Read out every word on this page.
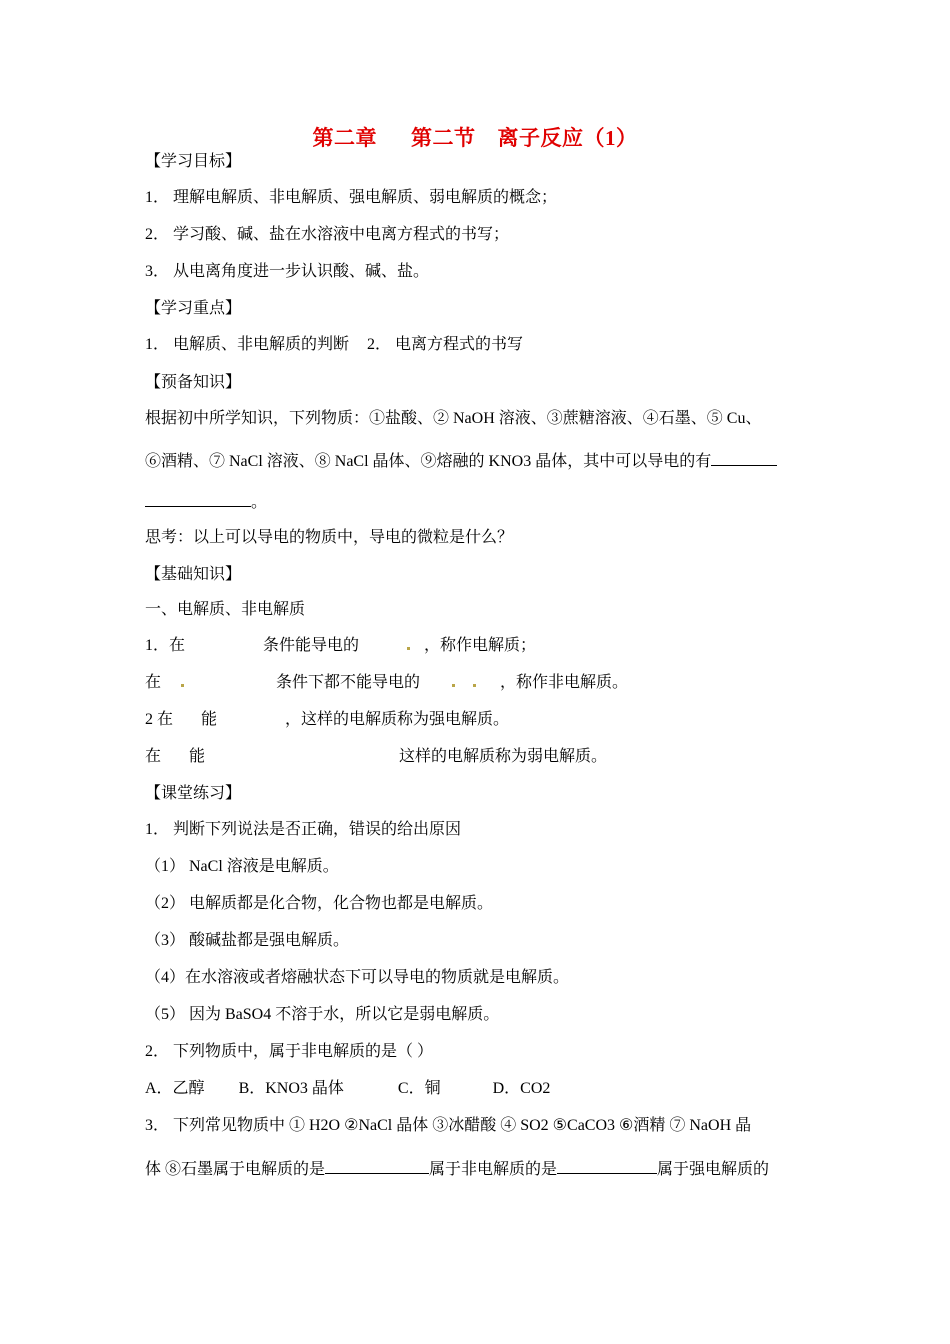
第二章 第二节 离子反应（1）
【学习目标】
1． 理解电解质、非电解质、强电解质、弱电解质的概念；
2． 学习酸、碱、盐在水溶液中电离方程式的书写；
3． 从电离角度进一步认识酸、碱、盐。
【学习重点】
1． 电解质、非电解质的判断 2． 电离方程式的书写
【预备知识】
根据初中所学知识，下列物质：①盐酸、② NaOH 溶液、③蔗糖溶液、④石墨、⑤ Cu、
⑥酒精、⑦ NaCl 溶液、⑧ NaCl 晶体、⑨熔融的 KNO3 晶体，其中可以导电的有
。
思考：以上可以导电的物质中，导电的微粒是什么？
【基础知识】
一、电解质、非电解质
1．在	条件能导电的	，称作电解质；
在	条件下都不能导电的	，称作非电解质。
2 在 能	，这样的电解质称为强电解质。
在 能	这样的电解质称为弱电解质。
【课堂练习】
1． 判断下列说法是否正确，错误的给出原因
（1） NaCl 溶液是电解质。
（2） 电解质都是化合物，化合物也都是电解质。
（3） 酸碱盐都是强电解质。
（4）在水溶液或者熔融状态下可以导电的物质就是电解质。
（5） 因为 BaSO4 不溶于水，所以它是弱电解质。
2． 下列物质中，属于非电解质的是（ ）
A．乙醇 B．KNO3 晶体	C．铜	D．CO2
3． 下列常见物质中 ① H2O ②NaCl 晶体 ③冰醋酸 ④ SO2 ⑤CaCO3 ⑥酒精 ⑦ NaOH 晶
体 ⑧石墨属于电解质的是	属于非电解质的是	属于强电解质的
